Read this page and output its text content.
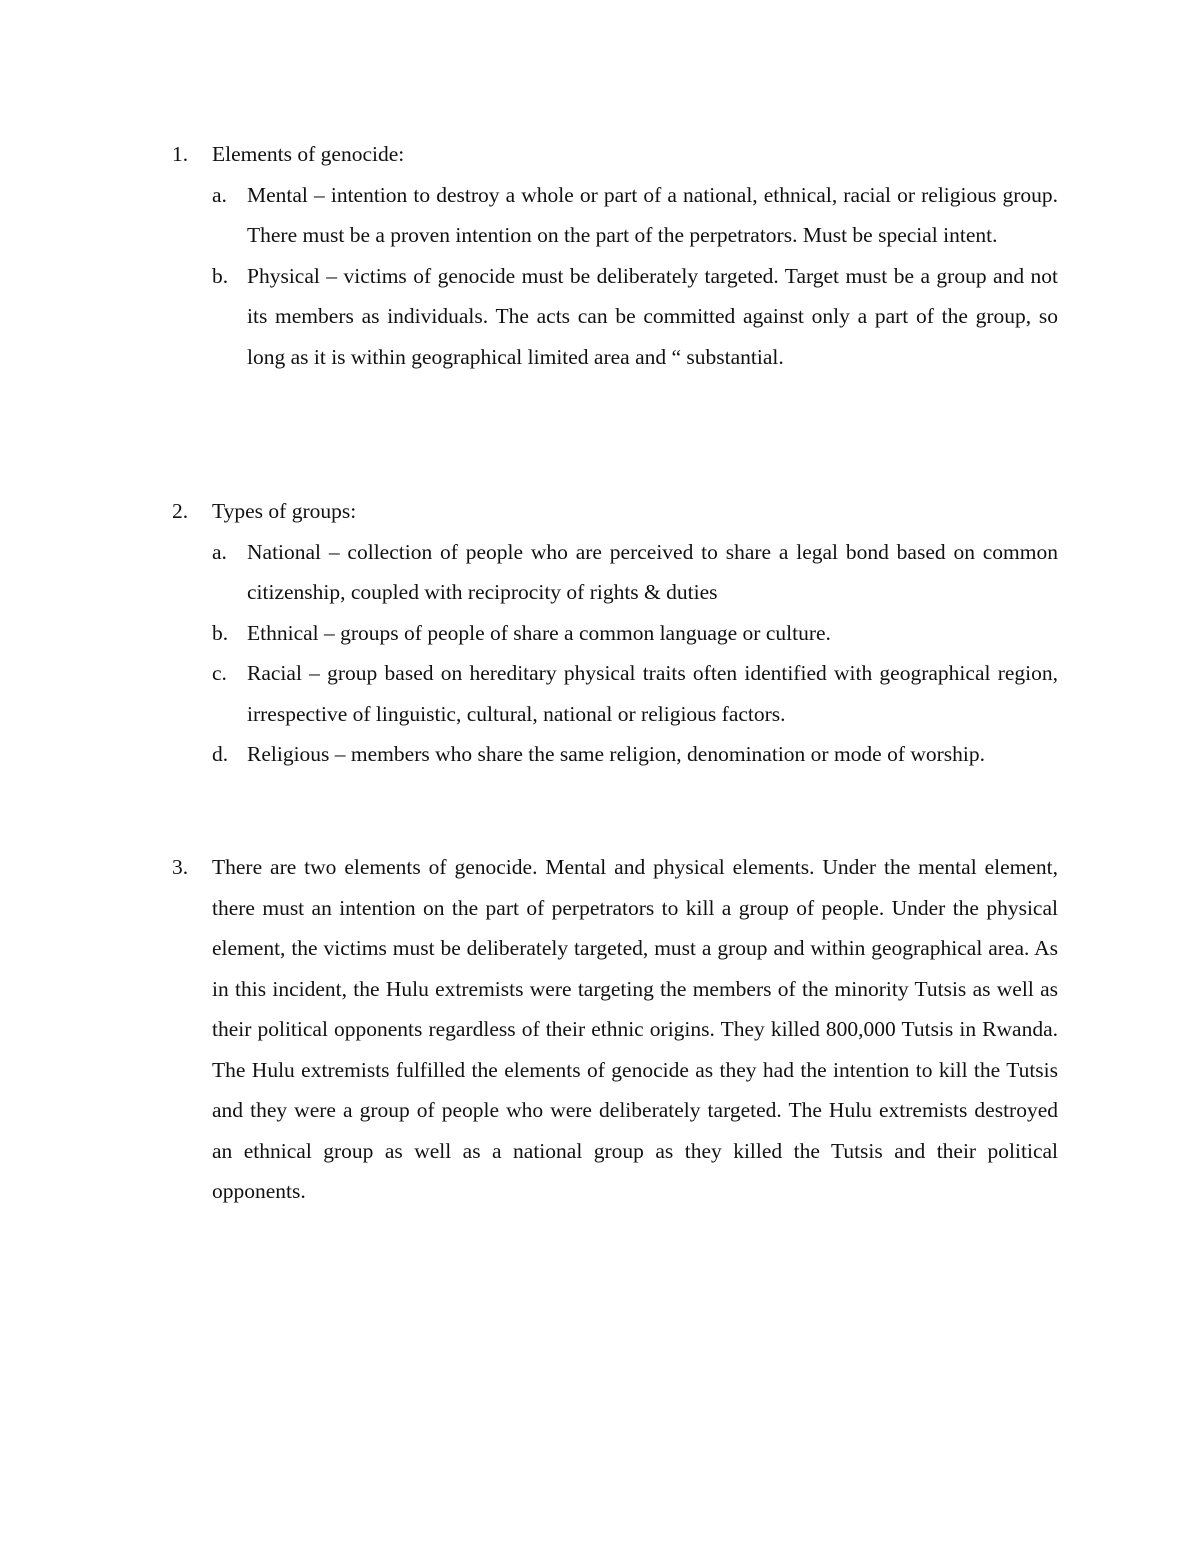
1.	Elements of genocide:
a. Mental – intention to destroy a whole or part of a national, ethnical, racial or religious group. There must be a proven intention on the part of the perpetrators. Must be special intent.
b. Physical – victims of genocide must be deliberately targeted. Target must be a group and not its members as individuals. The acts can be committed against only a part of the group, so long as it is within geographical limited area and “ substantial.
2.	Types of groups:
a. National – collection of people who are perceived to share a legal bond based on common citizenship, coupled with reciprocity of rights & duties
b. Ethnical – groups of people of share a common language or culture.
c. Racial – group based on hereditary physical traits often identified with geographical region, irrespective of linguistic, cultural, national or religious factors.
d. Religious – members who share the same religion, denomination or mode of worship.
3.	There are two elements of genocide. Mental and physical elements. Under the mental element, there must an intention on the part of perpetrators to kill a group of people. Under the physical element, the victims must be deliberately targeted, must a group and within geographical area. As in this incident, the Hulu extremists were targeting the members of the minority Tutsis as well as their political opponents regardless of their ethnic origins. They killed 800,000 Tutsis in Rwanda. The Hulu extremists fulfilled the elements of genocide as they had the intention to kill the Tutsis and they were a group of people who were deliberately targeted. The Hulu extremists destroyed an ethnical group as well as a national group as they killed the Tutsis and their political opponents.
